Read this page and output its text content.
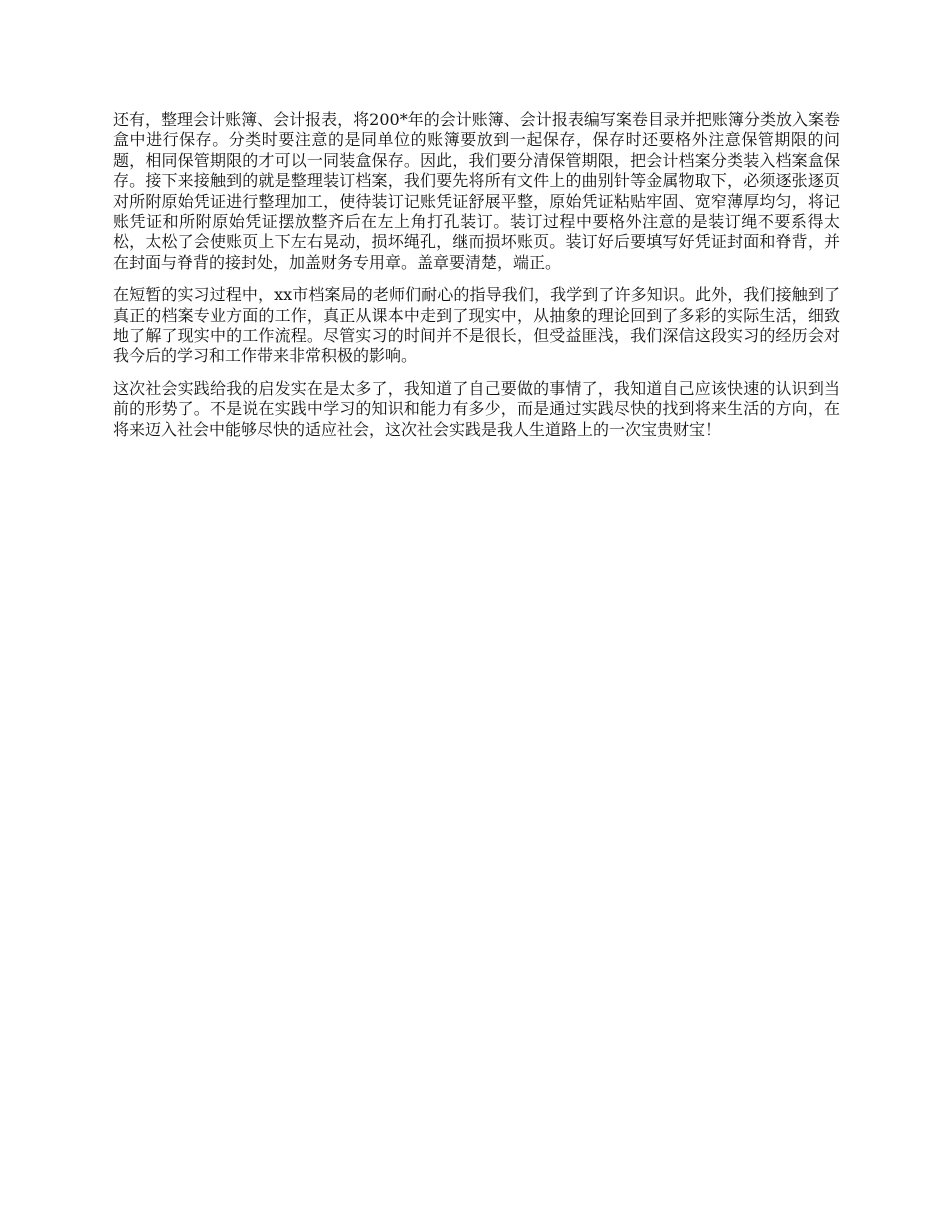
还有，整理会计账簿、会计报表，将200*年的会计账簿、会计报表编写案卷目录并把账簿分类放入案卷盒中进行保存。分类时要注意的是同单位的账簿要放到一起保存，保存时还要格外注意保管期限的问题，相同保管期限的才可以一同装盒保存。因此，我们要分清保管期限，把会计档案分类装入档案盒保存。接下来接触到的就是整理装订档案，我们要先将所有文件上的曲别针等金属物取下，必须逐张逐页对所附原始凭证进行整理加工，使待装订记账凭证舒展平整，原始凭证粘贴牢固、宽窄薄厚均匀，将记账凭证和所附原始凭证摆放整齐后在左上角打孔装订。装订过程中要格外注意的是装订绳不要系得太松，太松了会使账页上下左右晃动，损坏绳孔，继而损坏账页。装订好后要填写好凭证封面和脊背，并在封面与脊背的接封处，加盖财务专用章。盖章要清楚，端正。

在短暂的实习过程中，xx市档案局的老师们耐心的指导我们，我学到了许多知识。此外，我们接触到了真正的档案专业方面的工作，真正从课本中走到了现实中，从抽象的理论回到了多彩的实际生活，细致地了解了现实中的工作流程。尽管实习的时间并不是很长，但受益匪浅，我们深信这段实习的经历会对我今后的学习和工作带来非常积极的影响。

这次社会实践给我的启发实在是太多了，我知道了自己要做的事情了，我知道自己应该快速的认识到当前的形势了。不是说在实践中学习的知识和能力有多少，而是通过实践尽快的找到将来生活的方向，在将来迈入社会中能够尽快的适应社会，这次社会实践是我人生道路上的一次宝贵财宝！
